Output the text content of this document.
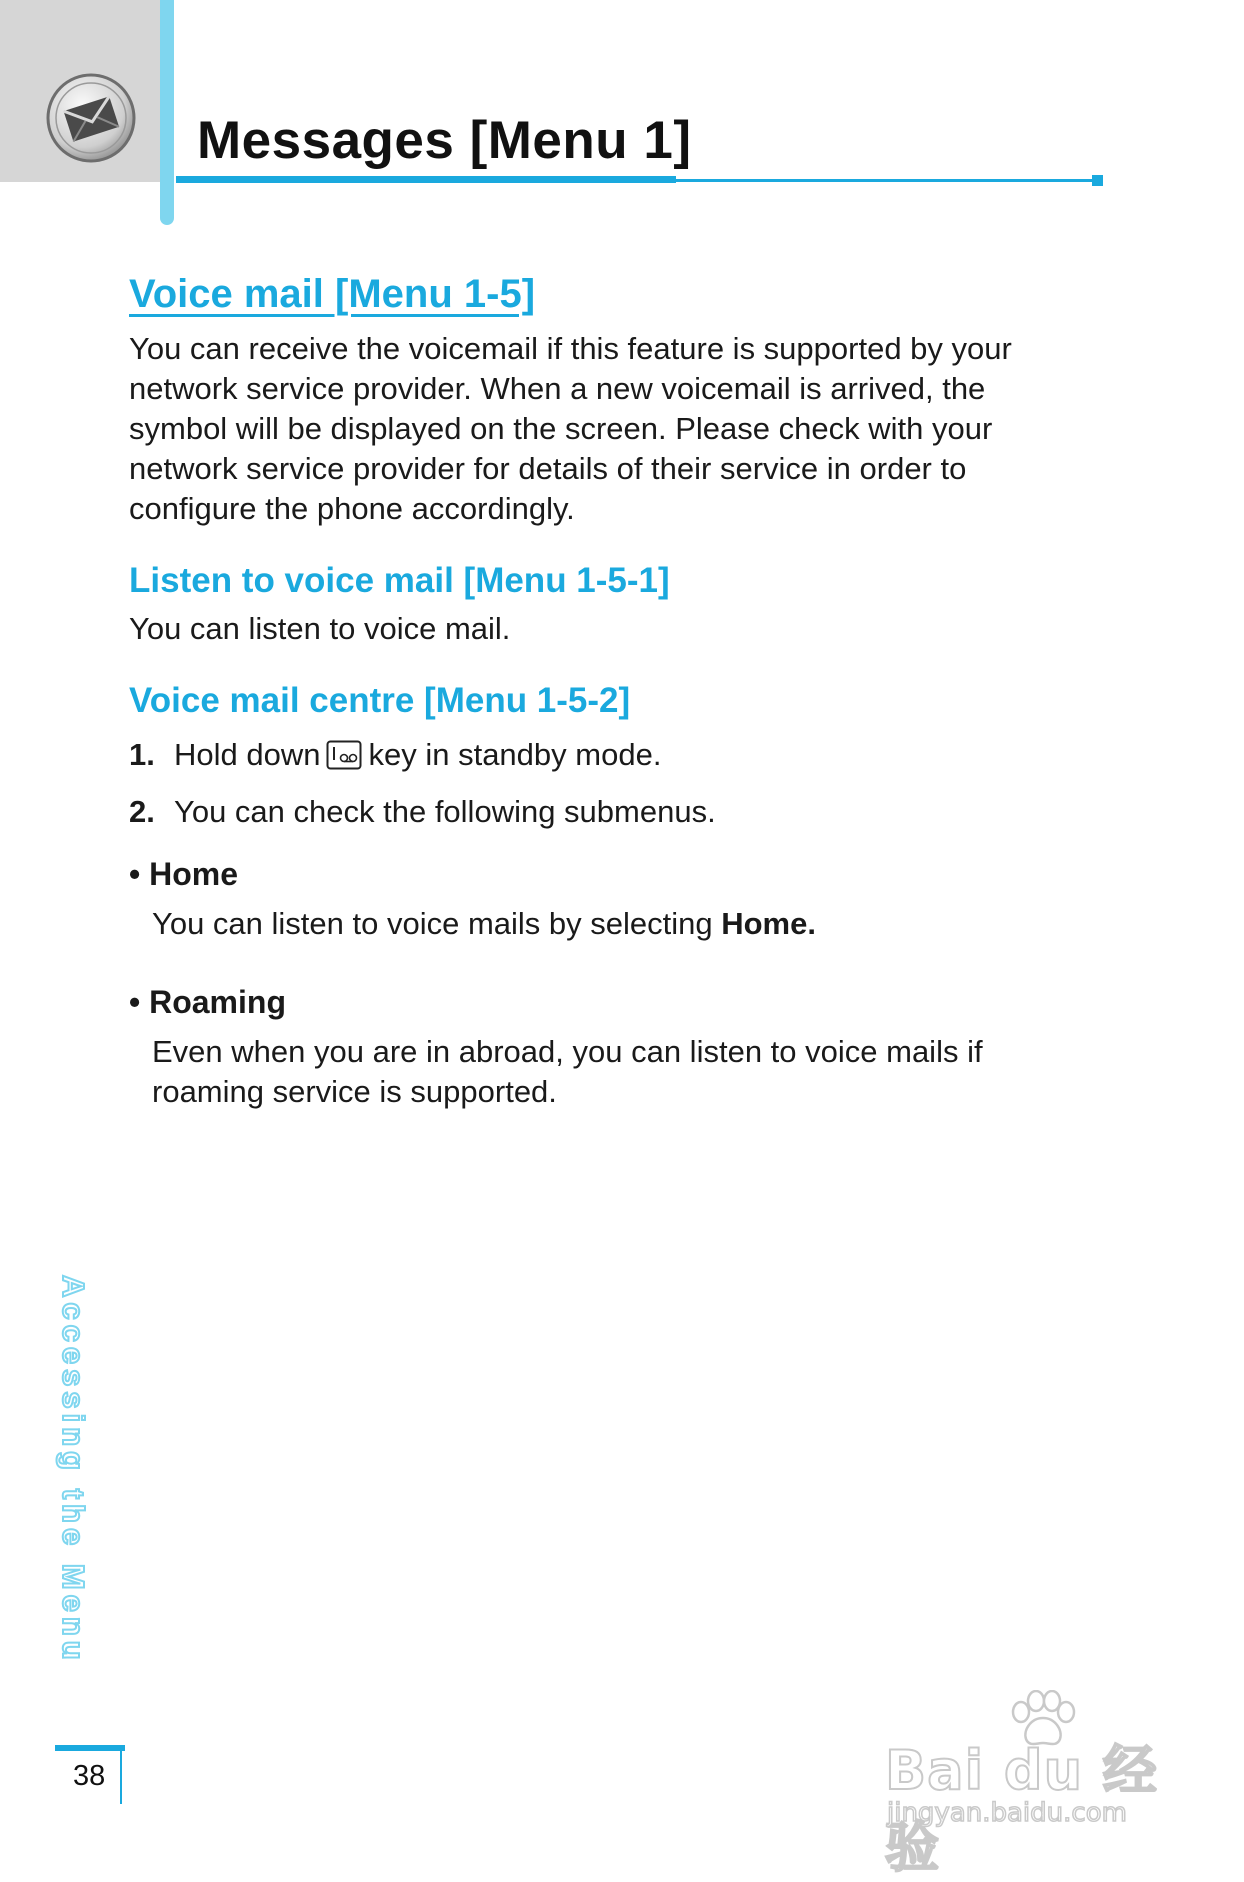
Messages [Menu 1]
Voice mail [Menu 1-5]

You can receive the voicemail if this feature is supported by your network service provider. When a new voicemail is arrived, the symbol will be displayed on the screen. Please check with your network service provider for details of their service in order to configure the phone accordingly.

Listen to voice mail [Menu 1-5-1]

You can listen to voice mail.

Voice mail centre [Menu 1-5-2]
1. Hold down key in standby mode.
2. You can check the following submenus.

• Home

You can listen to voice mails by selecting Home.

• Roaming

Even when you are in abroad, you can listen to voice mails if roaming service is supported.

Accessing the Menu
38	Bai du 经验
jingyan.baidu.com
